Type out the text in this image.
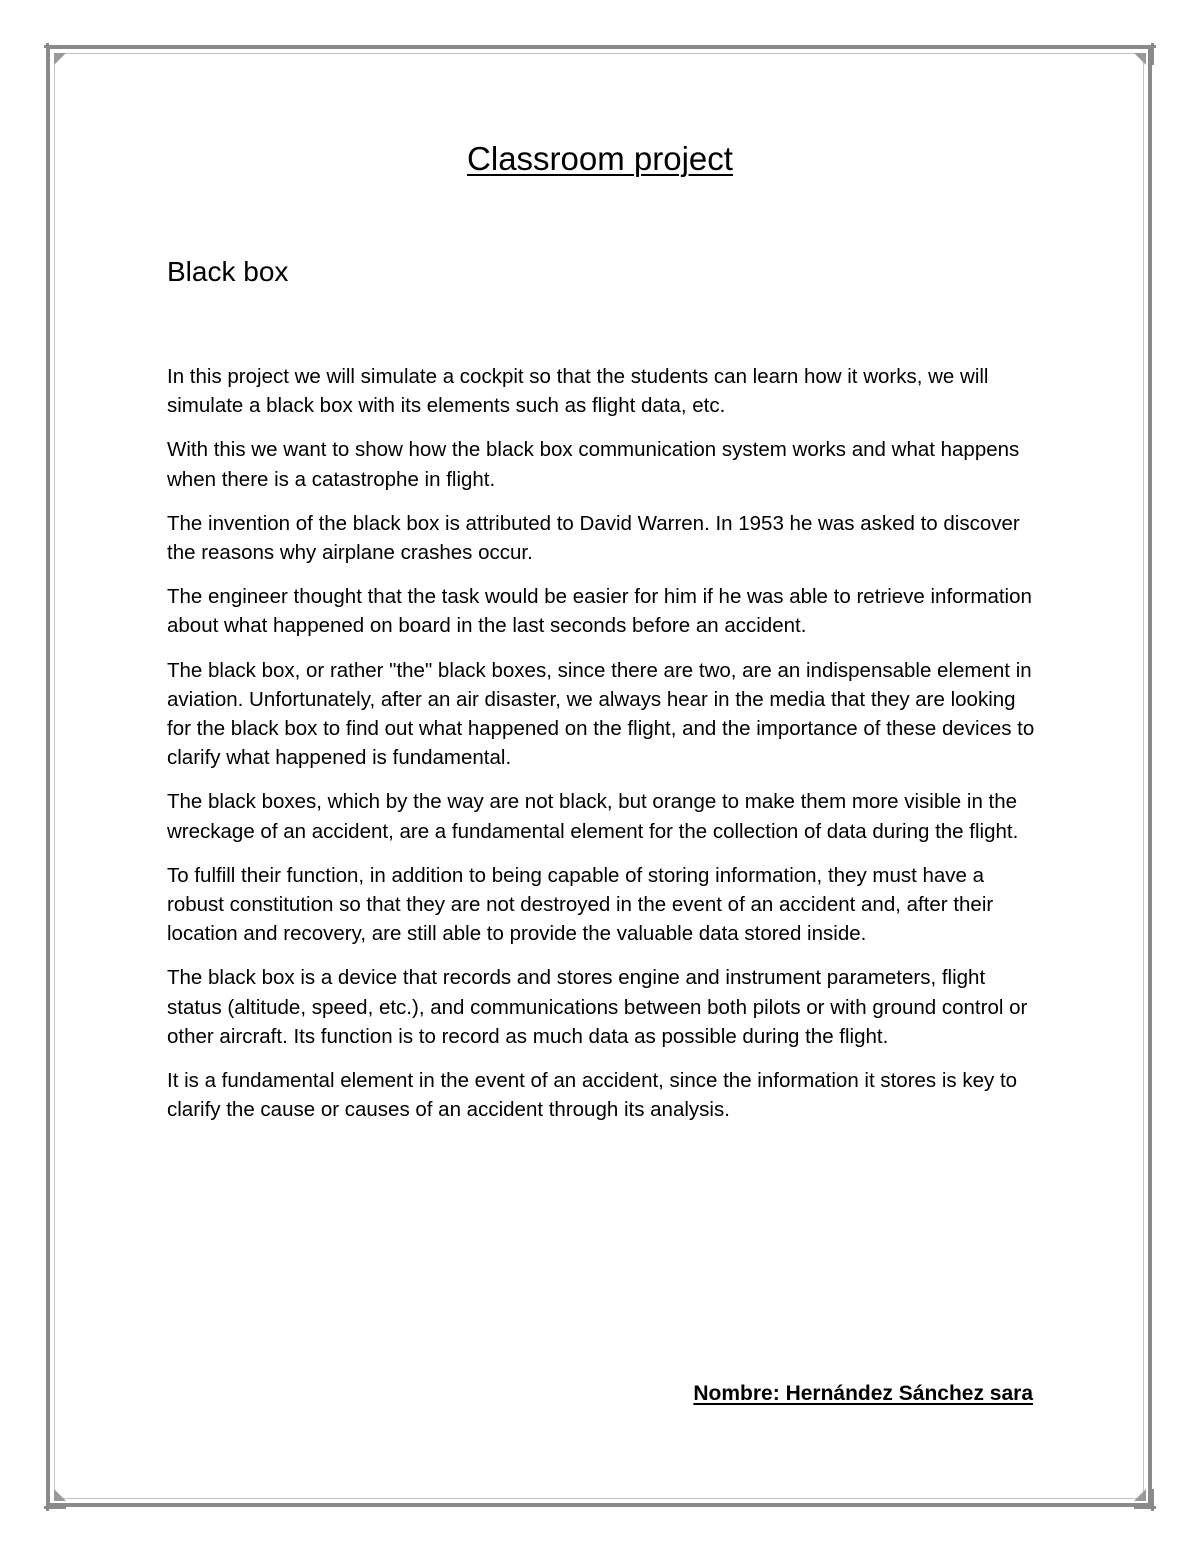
Classroom project
Black box

In this project we will simulate a cockpit so that the students can learn how it works, we will simulate a black box with its elements such as flight data, etc.

With this we want to show how the black box communication system works and what happens when there is a catastrophe in flight.

The invention of the black box is attributed to David Warren. In 1953 he was asked to discover the reasons why airplane crashes occur.

The engineer thought that the task would be easier for him if he was able to retrieve information about what happened on board in the last seconds before an accident.

The black box, or rather "the" black boxes, since there are two, are an indispensable element in aviation. Unfortunately, after an air disaster, we always hear in the media that they are looking for the black box to find out what happened on the flight, and the importance of these devices to clarify what happened is fundamental.

The black boxes, which by the way are not black, but orange to make them more visible in the wreckage of an accident, are a fundamental element for the collection of data during the flight.

To fulfill their function, in addition to being capable of storing information, they must have a robust constitution so that they are not destroyed in the event of an accident and, after their location and recovery, are still able to provide the valuable data stored inside.

The black box is a device that records and stores engine and instrument parameters, flight status (altitude, speed, etc.), and communications between both pilots or with ground control or other aircraft. Its function is to record as much data as possible during the flight.

It is a fundamental element in the event of an accident, since the information it stores is key to clarify the cause or causes of an accident through its analysis.

Nombre: Hernández Sánchez sara
